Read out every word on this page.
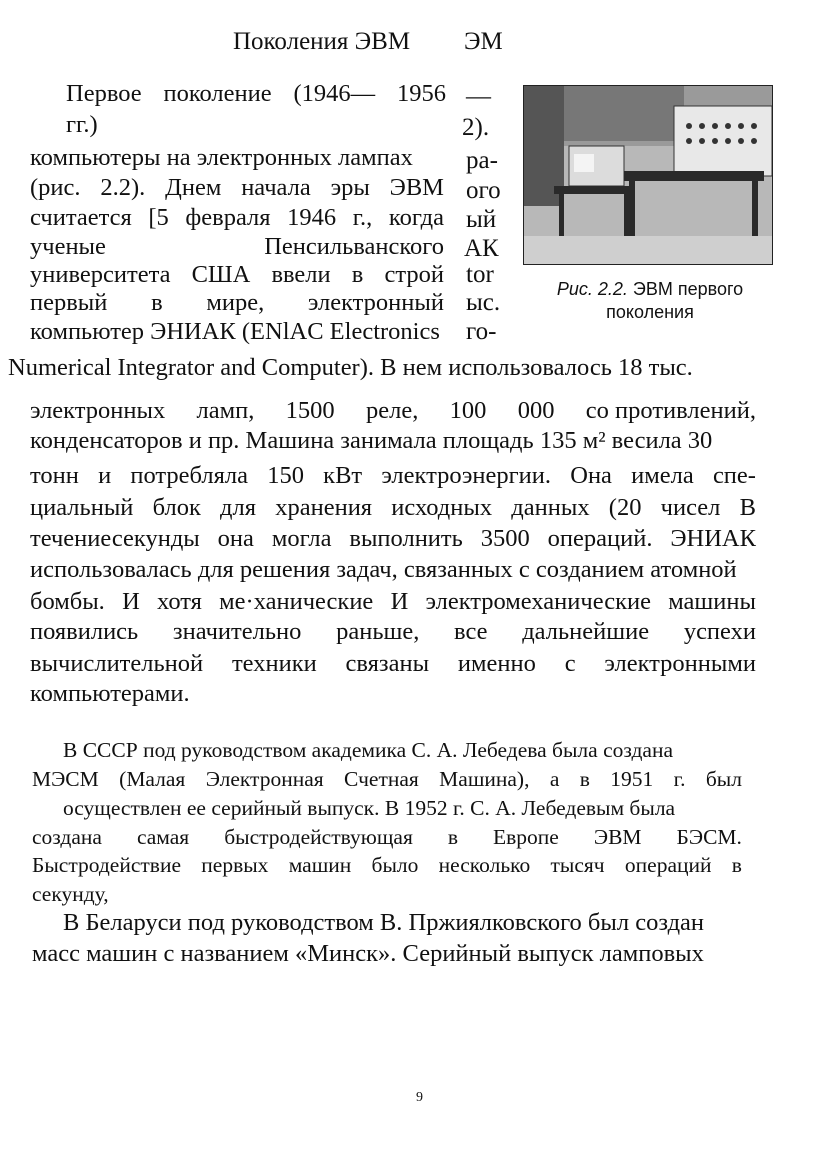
Поколения ЭВМ ЭМ
—
2).
ра-
ого
ый
АК
tor
ыс.
го-
Первое поколение (1946— 1956
гг.)
компьютеры на электронных лампах
(рис. 2.2). Днем начала эры ЭВМ
считается [5 февраля 1946 г., когда
ученые	Пенсильванского
университета США ввели в строй
первый в мире, электронный
компьютер ЭНИАК (ENlAC Electronics
Numerical Integrator and Computer). В нем использовалось 18 тыс.
Рис. 2.2. ЭВМ первого
поколения
электронных ламп, 1500 реле, 100 000 со противлений,
конденсаторов и пр. Машина занимала площадь 135 м² весила 30
тонн и потребляла 150 кВт электроэнергии. Она имела спе-
циальный блок для хранения исходных данных (20 чисел В
течениесекунды она могла выполнить 3500 операций. ЭНИАК
использовалась для решения задач, связанных с созданием атомной
бомбы. И хотя ме·ханические И электромеханические машины
появились значительно раньше, все дальнейшие успехи
вычислительной техники связаны именно с электронными
компьютерами.
В СССР под руководством академика С. А. Лебедева была создана
МЭСМ (Малая Электронная Счетная Машина), а в 1951 г. был
осуществлен ее серийный выпуск. В 1952 г. С. А. Лебедевым была
создана самая быстродействующая в Европе ЭВМ БЭСМ.
Быстродействие первых машин было несколько тысяч операций в
секунду,
В Беларуси под руководством В. Пржиялковского был создан
масс машин с названием «Минск». Серийный выпуск ламповых
9
